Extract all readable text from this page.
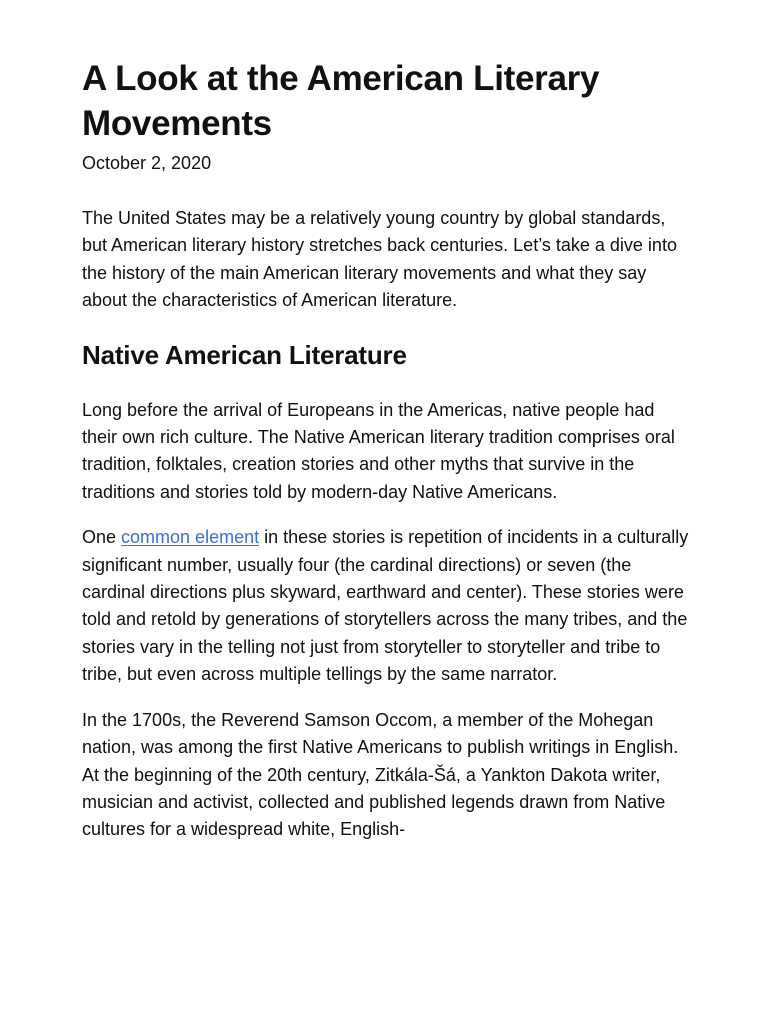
A Look at the American Literary Movements
October 2, 2020

The United States may be a relatively young country by global standards, but American literary history stretches back centuries. Let’s take a dive into the history of the main American literary movements and what they say about the characteristics of American literature.

Native American Literature

Long before the arrival of Europeans in the Americas, native people had their own rich culture. The Native American literary tradition comprises oral tradition, folktales, creation stories and other myths that survive in the traditions and stories told by modern-day Native Americans.

One common element in these stories is repetition of incidents in a culturally significant number, usually four (the cardinal directions) or seven (the cardinal directions plus skyward, earthward and center). These stories were told and retold by generations of storytellers across the many tribes, and the stories vary in the telling not just from storyteller to storyteller and tribe to tribe, but even across multiple tellings by the same narrator.

In the 1700s, the Reverend Samson Occom, a member of the Mohegan nation, was among the first Native Americans to publish writings in English. At the beginning of the 20th century, Zitkála-Šá, a Yankton Dakota writer, musician and activist, collected and published legends drawn from Native cultures for a widespread white, English-
